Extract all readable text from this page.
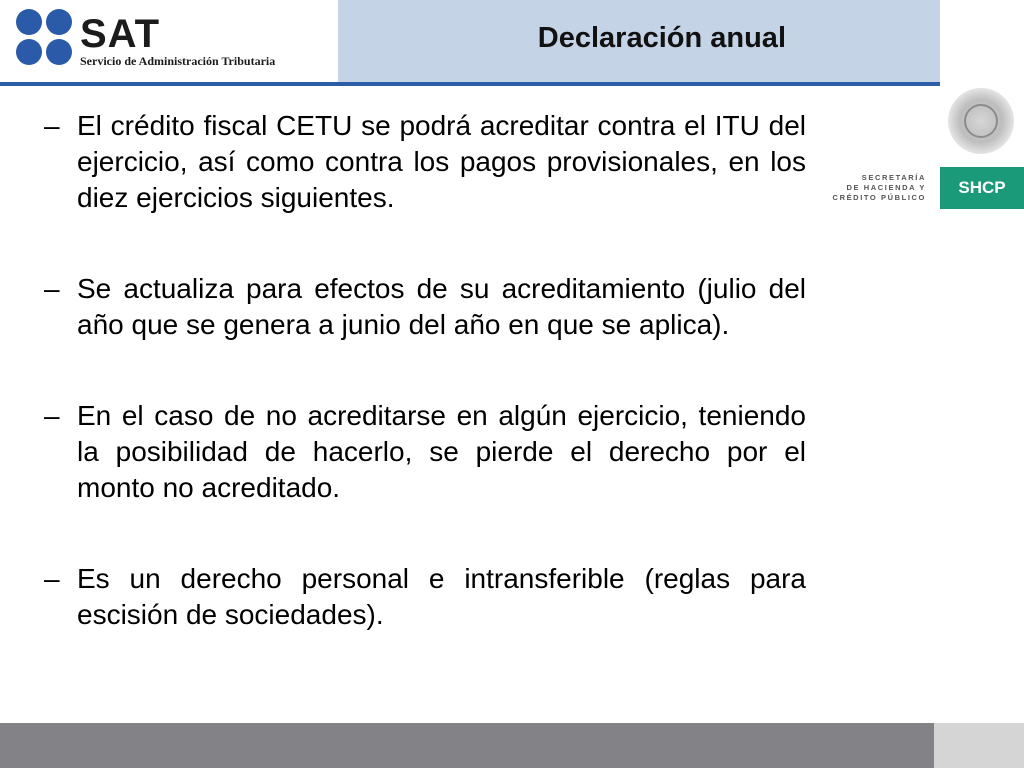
SAT
Servicio de Administración Tributaria
Declaración anual
SECRETARÍA
DE HACIENDA Y
CRÉDITO PÚBLICO
SHCP
– El crédito fiscal CETU se podrá acreditar contra el ITU del ejercicio, así como contra los pagos provisionales, en los diez ejercicios siguientes.
– Se actualiza para efectos de su acreditamiento (julio del año que se genera a junio del año en que se aplica).
– En el caso de no acreditarse en algún ejercicio, teniendo la posibilidad de hacerlo, se pierde el derecho por el monto no acreditado.
– Es un derecho personal e intransferible (reglas para escisión de sociedades).
